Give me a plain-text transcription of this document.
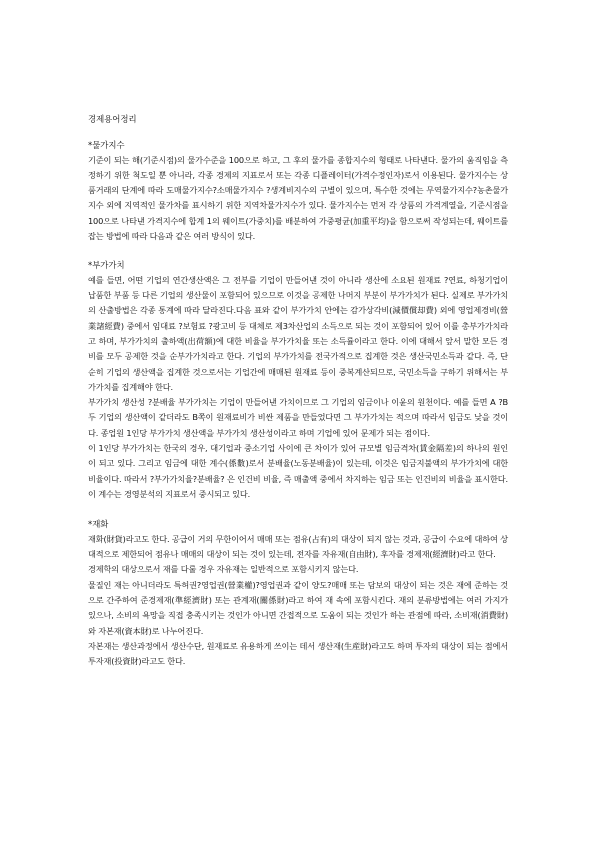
경제용어정리
*물가지수

기준이 되는 해(기준시점)의 물가수준을 100으로 하고, 그 후의 물가를 종합지수의 형태로 나타낸다. 물가의 움직임을 측정하기 위한 척도일 뿐 아니라, 각종 경제의 지표로서 또는 각종 디플레이터(가격수정인자)로서 이용된다. 물가지수는 상품거래의 단계에 따라 도매물가지수?소매물가지수 ?생계비지수의 구별이 있으며, 특수한 것에는 무역물가지수?농촌물가지수 외에 지역적인 물가차를 표시하기 위한 지역차물가지수가 있다. 물가지수는 먼저 각 상품의 가격계열을, 기준시점을 100으로 나타낸 가격지수에 합계 1의 웨이트(가중치)를 배분하여 가중평균(加重平均)을 함으로써 작성되는데, 웨이트를 잡는 방법에 따라 다음과 같은 여러 방식이 있다.

*부가가치

예를 들면, 어떤 기업의 연간생산액은 그 전부를 기업이 만들어낸 것이 아니라 생산에 소요된 원재료 ?연료, 하청기업이 납품한 부품 등 다른 기업의 생산물이 포함되어 있으므로 이것을 공제한 나머지 부분이 부가가치가 된다. 실제로 부가가치의 산출방법은 각종 통계에 따라 달라진다.다음 표와 같이 부가가치 안에는 감가상각비(減價償却費) 외에 영업제경비(營業諸經費) 중에서 임대료 ?보험료 ?광고비 등 대체로 제3차산업의 소득으로 되는 것이 포함되어 있어 이를 총부가가치라고 하며, 부가가치의 출하액(出荷額)에 대한 비율을 부가가치율 또는 소득률이라고 한다. 이에 대해서 앞서 말한 모든 경비를 모두 공제한 것을 순부가가치라고 한다. 기업의 부가가치를 전국가적으로 집계한 것은 생산국민소득과 같다. 즉, 단순히 기업의 생산액을 집계한 것으로서는 기업간에 매매된 원재료 등이 중복계산되므로, 국민소득을 구하기 위해서는 부가가치를 집계해야 한다.

부가가치 생산성 ?분배율 부가가치는 기업이 만들어낸 가치이므로 그 기업의 임금이나 이윤의 원천이다. 예를 들면 A ?B 두 기업의 생산액이 같더라도 B쪽이 원재료비가 비싼 제품을 만들었다면 그 부가가치는 적으며 따라서 임금도 낮을 것이다. 종업원 1인당 부가가치 생산액을 부가가치 생산성이라고 하며 기업에 있어 문제가 되는 점이다.

이 1인당 부가가치는 한국의 경우, 대기업과 중소기업 사이에 큰 차이가 있어 규모별 임금격차(賃金隔差)의 하나의 원인이 되고 있다. 그리고 임금에 대한 계수(係數)로서 분배율(노동분배율)이 있는데, 이것은 임금지불액의 부가가치에 대한 비율이다. 따라서 ?부가가치율?분배율? 은 인건비 비율, 즉 매출액 중에서 차지하는 임금 또는 인건비의 비율을 표시한다. 이 계수는 경영분석의 지표로서 중시되고 있다.

*재화

재화(財貨)라고도 한다. 공급이 거의 무한이어서 매매 또는 점유(占有)의 대상이 되지 않는 것과, 공급이 수요에 대하여 상대적으로 제한되어 점유나 매매의 대상이 되는 것이 있는데, 전자를 자유재(自由財), 후자를 경제재(經濟財)라고 한다.

경제학의 대상으로서 재를 다룰 경우 자유재는 일반적으로 포함시키지 않는다.

물질인 재는 아니더라도 특허권?영업권(營業權)?영업권과 같이 양도?매매 또는 담보의 대상이 되는 것은 재에 준하는 것으로 간주하여 준경제재(準經濟財) 또는 관계재(關係財)라고 하여 재 속에 포함시킨다. 재의 분류방법에는 여러 가지가 있으나, 소비의 욕망을 직접 충족시키는 것인가 아니면 간접적으로 도움이 되는 것인가 하는 관점에 따라, 소비재(消費財)와 자본재(資本財)로 나누어진다.

자본재는 생산과정에서 생산수단, 원재료로 유용하게 쓰이는 데서 생산재(生産財)라고도 하며 투자의 대상이 되는 점에서 투자재(投資財)라고도 한다.
